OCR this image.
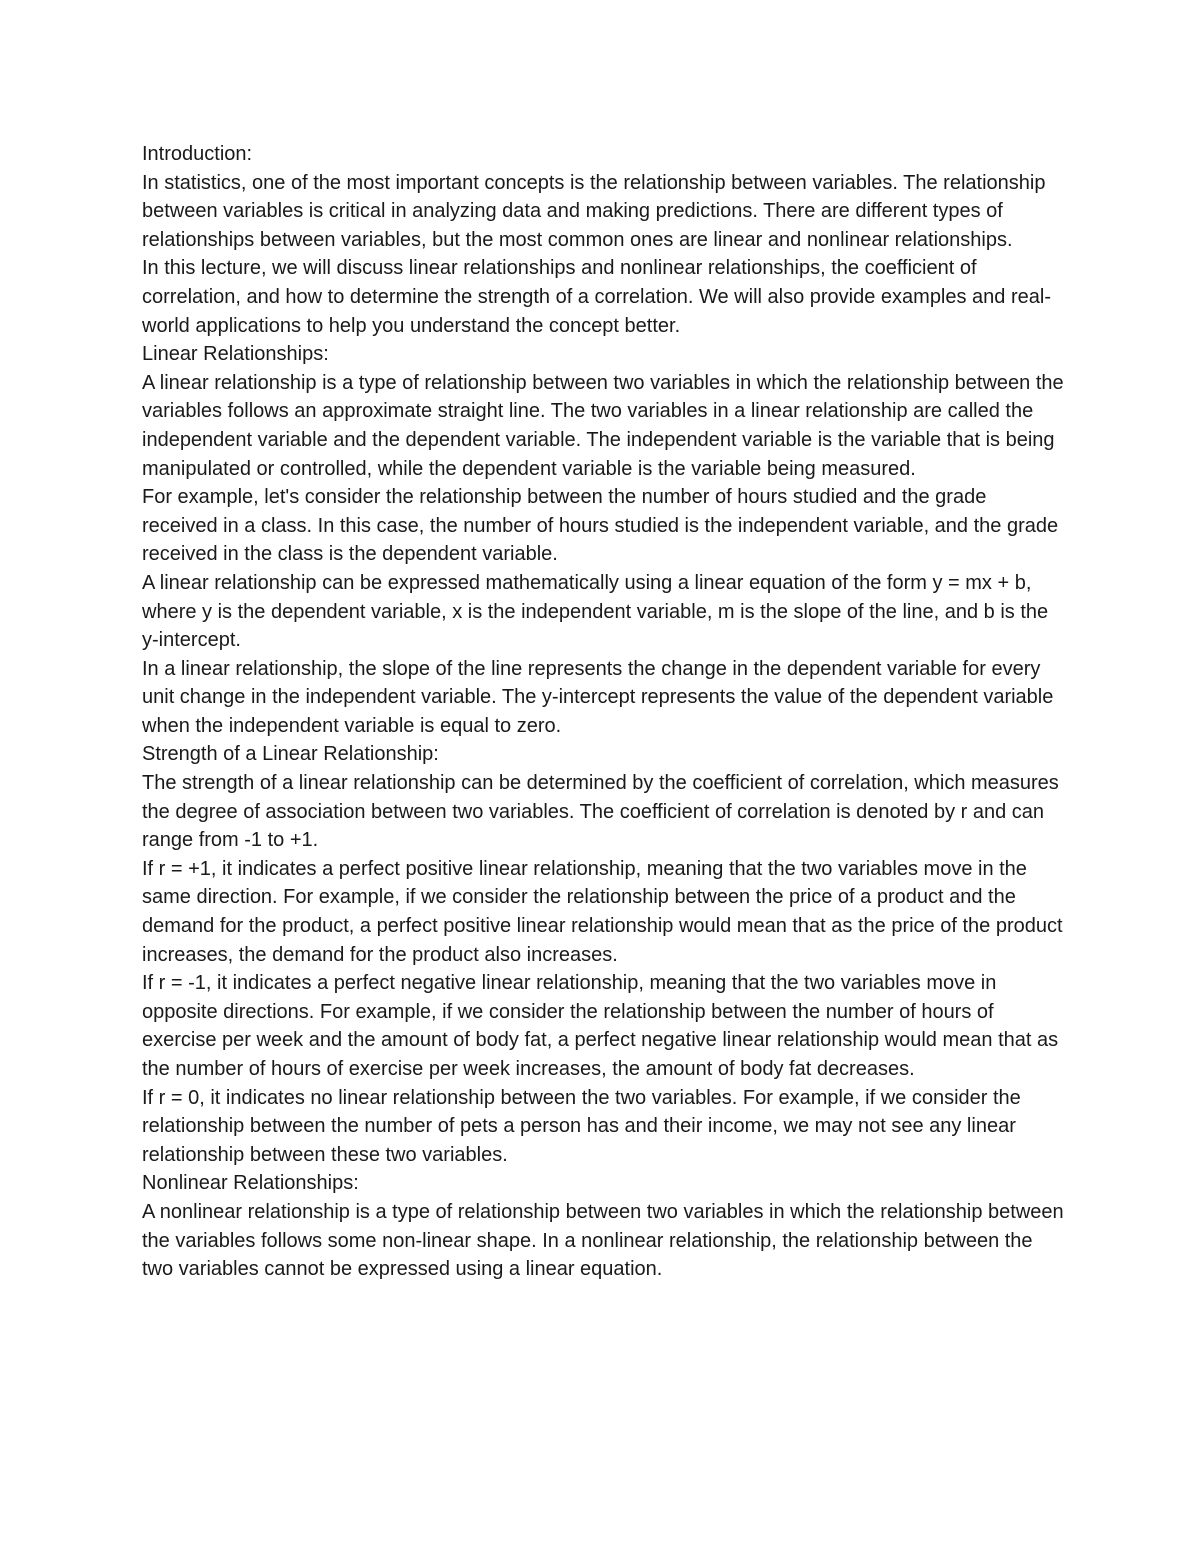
Introduction:

In statistics, one of the most important concepts is the relationship between variables. The relationship between variables is critical in analyzing data and making predictions. There are different types of relationships between variables, but the most common ones are linear and nonlinear relationships.

In this lecture, we will discuss linear relationships and nonlinear relationships, the coefficient of correlation, and how to determine the strength of a correlation. We will also provide examples and real-world applications to help you understand the concept better.

Linear Relationships:

A linear relationship is a type of relationship between two variables in which the relationship between the variables follows an approximate straight line. The two variables in a linear relationship are called the independent variable and the dependent variable. The independent variable is the variable that is being manipulated or controlled, while the dependent variable is the variable being measured.

For example, let's consider the relationship between the number of hours studied and the grade received in a class. In this case, the number of hours studied is the independent variable, and the grade received in the class is the dependent variable.

A linear relationship can be expressed mathematically using a linear equation of the form y = mx + b, where y is the dependent variable, x is the independent variable, m is the slope of the line, and b is the y-intercept.

In a linear relationship, the slope of the line represents the change in the dependent variable for every unit change in the independent variable. The y-intercept represents the value of the dependent variable when the independent variable is equal to zero.

Strength of a Linear Relationship:

The strength of a linear relationship can be determined by the coefficient of correlation, which measures the degree of association between two variables. The coefficient of correlation is denoted by r and can range from -1 to +1.

If r = +1, it indicates a perfect positive linear relationship, meaning that the two variables move in the same direction. For example, if we consider the relationship between the price of a product and the demand for the product, a perfect positive linear relationship would mean that as the price of the product increases, the demand for the product also increases.

If r = -1, it indicates a perfect negative linear relationship, meaning that the two variables move in opposite directions. For example, if we consider the relationship between the number of hours of exercise per week and the amount of body fat, a perfect negative linear relationship would mean that as the number of hours of exercise per week increases, the amount of body fat decreases.

If r = 0, it indicates no linear relationship between the two variables. For example, if we consider the relationship between the number of pets a person has and their income, we may not see any linear relationship between these two variables.

Nonlinear Relationships:

A nonlinear relationship is a type of relationship between two variables in which the relationship between the variables follows some non-linear shape. In a nonlinear relationship, the relationship between the two variables cannot be expressed using a linear equation.
